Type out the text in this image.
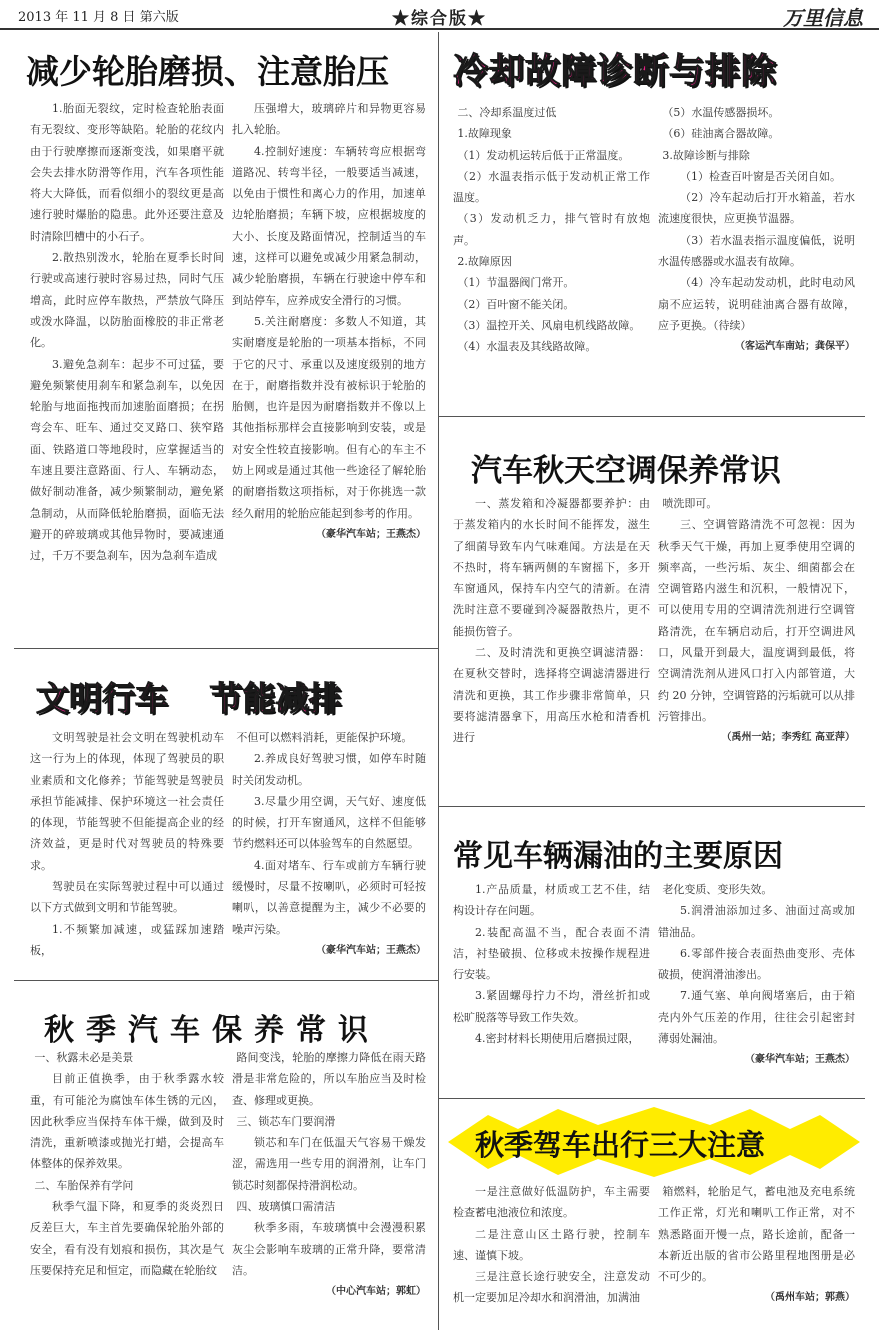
2013 年 11 月 8 日 第六版	★综合版★	万里信息
减少轮胎磨损、注意胎压

1.胎面无裂纹，定时检查轮胎表面有无裂纹、变形等缺陷。轮胎的花纹内由于行驶摩擦而逐渐变浅，如果磨平就会失去排水防滑等作用，汽车各项性能将大大降低，而看似细小的裂纹更是高速行驶时爆胎的隐患。此外还要注意及时清除凹槽中的小石子。

2.散热别泼水，轮胎在夏季长时间行驶或高速行驶时容易过热，同时气压增高，此时应停车散热，严禁放气降压或泼水降温，以防胎面橡胶的非正常老化。

3.避免急刹车：起步不可过猛，要避免频繁使用刹车和紧急刹车，以免因轮胎与地面拖拽而加速胎面磨损；在拐弯会车、旺车、通过交叉路口、狭窄路面、铁路道口等地段时，应掌握适当的车速且要注意路面、行人、车辆动态，做好制动准备，减少频繁制动，避免紧急制动，从而降低轮胎磨损，面临无法避开的碎玻璃或其他异物时，要减速通过，千万不要急刹车，因为急刹车造成

压强增大，玻璃碎片和异物更容易扎入轮胎。

4.控制好速度：车辆转弯应根据弯道路况、转弯半径，一般要适当减速，以免由于惯性和离心力的作用，加速单边轮胎磨损；车辆下坡，应根据坡度的大小、长度及路面情况，控制适当的车速，这样可以避免或减少用紧急制动，减少轮胎磨损，车辆在行驶途中停车和到站停车，应养成安全滑行的习惯。

5.关注耐磨度：多数人不知道，其实耐磨度是轮胎的一项基本指标，不同于它的尺寸、承重以及速度级别的地方在于，耐磨指数并没有被标识于轮胎的胎侧，也许是因为耐磨指数并不像以上其他指标那样会直接影响到安装，或是对安全性较直接影响。但有心的车主不妨上网或是通过其他一些途径了解轮胎的耐磨指数这项指标，对于你挑选一款经久耐用的轮胎应能起到参考的作用。

（豪华汽车站；王燕杰）
冷却故障诊断与排除

二、冷却系温度过低

1.故障现象

（1）发动机运转后低于正常温度。

（2）水温表指示低于发动机正常工作温度。

（3）发动机乏力，排气管时有放炮声。

2.故障原因

（1）节温器阀门常开。

（2）百叶窗不能关闭。

（3）温控开关、风扇电机线路故障。

（4）水温表及其线路故障。

（5）水温传感器损坏。

（6）硅油离合器故障。

3.故障诊断与排除

（1）检查百叶窗是否关闭自如。

（2）冷车起动后打开水箱盖，若水流速度很快，应更换节温器。

（3）若水温表指示温度偏低，说明水温传感器或水温表有故障。

（4）冷车起动发动机，此时电动风扇不应运转，说明硅油离合器有故障，应予更换。（待续）

（客运汽车南站；龚保平）
汽车秋天空调保养常识

一、蒸发箱和冷凝器都要养护：由于蒸发箱内的水长时间不能挥发，滋生了细菌导致车内气味难闻。方法是在天不热时，将车辆两侧的车窗摇下，多开车窗通风，保持车内空气的清新。在清洗时注意不要碰到冷凝器散热片，更不能损伤管子。

二、及时清洗和更换空调滤清器：在夏秋交替时，选择将空调滤清器进行清洗和更换，其工作步骤非常简单，只要将滤清器拿下，用高压水枪和清香机进行

喷洗即可。

三、空调管路清洗不可忽视：因为秋季天气干燥，再加上夏季使用空调的频率高，一些污垢、灰尘、细菌都会在空调管路内滋生和沉积，一般情况下，可以使用专用的空调清洗剂进行空调管路清洗，在车辆启动后，打开空调进风口，风量开到最大，温度调到最低，将空调清洗剂从进风口打入内部管道，大约 20 分钟，空调管路的污垢就可以从排污管排出。

（禹州一站；李秀红 高亚萍）
文明行车 节能减排

文明驾驶是社会文明在驾驶机动车这一行为上的体现，体现了驾驶员的职业素质和文化修养；节能驾驶是驾驶员承担节能减排、保护环境这一社会责任的体现，节能驾驶不但能提高企业的经济效益，更是时代对驾驶员的特殊要求。

驾驶员在实际驾驶过程中可以通过以下方式做到文明和节能驾驶。

1.不频繁加减速，或猛踩加速踏板，

不但可以燃料消耗，更能保护环境。

2.养成良好驾驶习惯，如停车时随时关闭发动机。

3.尽量少用空调，天气好、速度低的时候，打开车窗通风，这样不但能够节约燃料还可以体验驾车的自然愿望。

4.面对堵车、行车或前方车辆行驶缓慢时，尽量不按喇叭，必须时可轻按喇叭，以善意提醒为主，减少不必要的噪声污染。

（豪华汽车站；王燕杰）
常见车辆漏油的主要原因

1.产品质量，材质或工艺不佳，结构设计存在问题。

2.装配高温不当，配合表面不清洁，衬垫破损、位移或未按操作规程进行安装。

3.紧固螺母拧力不均，滑丝折扣或松旷脱落等导致工作失效。

4.密封材料长期使用后磨损过限，

老化变质、变形失效。

5.润滑油添加过多、油面过高或加错油品。

6.零部件接合表面热曲变形、壳体破损，使润滑油渗出。

7.通气塞、单向阀堵塞后，由于箱壳内外气压差的作用，往往会引起密封薄弱处漏油。

（豪华汽车站；王燕杰）
秋季汽车保养常识

一、秋露未必是美景

目前正值换季，由于秋季露水较重，有可能沦为腐蚀车体生锈的元凶，因此秋季应当保持车体干燥，做到及时清洗，重新喷漆或抛光打蜡，会提高车体整体的保养效果。

二、车胎保养有学问

秋季气温下降，和夏季的炎炎烈日反差巨大，车主首先要确保轮胎外部的安全，看有没有划痕和损伤，其次是气压要保持充足和恒定，而隐藏在轮胎纹

路间变浅，轮胎的摩擦力降低在雨天路滑是非常危险的，所以车胎应当及时检查、修理或更换。

三、锁芯车门要润滑

锁芯和车门在低温天气容易干燥发涩，需选用一些专用的润滑剂，让车门锁芯时刻都保持滑润松动。

四、玻璃慎口需清洁

秋季多雨，车玻璃慎中会漫漫积累灰尘会影响车玻璃的正常升降，要常清洁。

（中心汽车站；郭虹）
秋季驾车出行三大注意

一是注意做好低温防护，车主需要检查蓄电池液位和浓度。

二是注意山区土路行驶，控制车速、谨慎下坡。

三是注意长途行驶安全，注意发动机一定要加足冷却水和润滑油，加满油

箱燃料，轮胎足气，蓄电池及充电系统工作正常，灯光和喇叭工作正常，对不熟悉路面开慢一点，路长途前，配备一本新近出版的省市公路里程地图册是必不可少的。

（禹州车站；郭燕）
